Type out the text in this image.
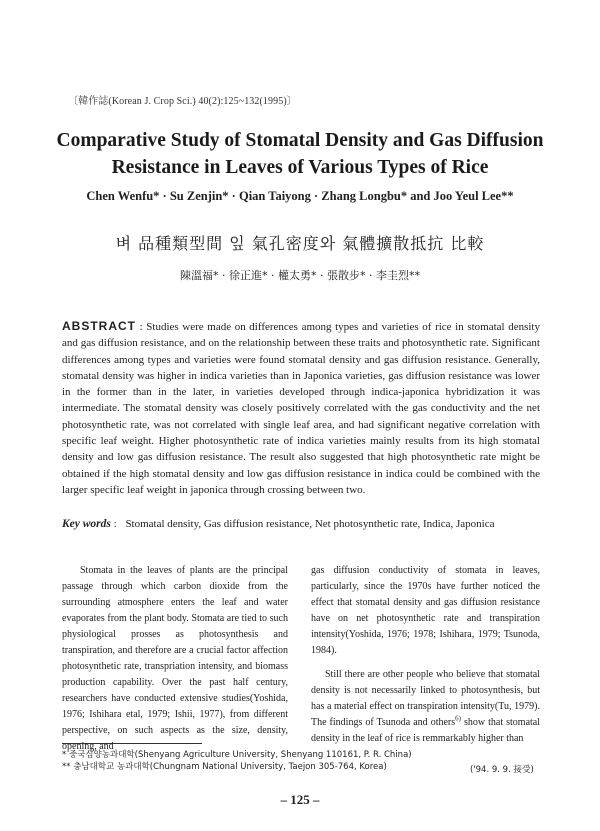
〔韓作誌(Korean J. Crop Sci.) 40(2):125~132(1995)〕
Comparative Study of Stomatal Density and Gas Diffusion
Resistance in Leaves of Various Types of Rice
Chen Wenfu* · Su Zenjin* · Qian Taiyong · Zhang Longbu* and Joo Yeul Lee**
벼 品種類型間 잎 氣孔密度와 氣體擴散抵抗 比較
陳溫福* · 徐正進* · 權太勇* · 張散步* · 李圭烈**
ABSTRACT : Studies were made on differences among types and varieties of rice in stomatal density and gas diffusion resistance, and on the relationship between these traits and photosynthetic rate. Significant differences among types and varieties were found stomatal density and gas diffusion resistance. Generally, stomatal density was higher in indica varieties than in Japonica varieties, gas diffusion resistance was lower in the former than in the later, in varieties developed through indica-japonica hybridization it was intermediate. The stomatal density was closely positively correlated with the gas conductivity and the net photosynthetic rate, was not correlated with single leaf area, and had significant negative correlation with specific leaf weight. Higher photosynthetic rate of indica varieties mainly results from its high stomatal density and low gas diffusion resistance. The result also suggested that high photosynthetic rate might be obtained if the high stomatal density and low gas diffusion resistance in indica could be combined with the larger specific leaf weight in japonica through crossing between two.
Key words : Stomatal density, Gas diffusion resistance, Net photosynthetic rate, Indica, Japonica
Stomata in the leaves of plants are the principal passage through which carbon dioxide from the surrounding atmosphere enters the leaf and water evaporates from the plant body. Stomata are tied to such physiological prosses as photosynthesis and transpiration, and therefore are a crucial factor affection photosynthetic rate, transpriation intensity, and biomass production capability. Over the past half century, researchers have conducted extensive studies(Yoshida, 1976; Ishihara etal, 1979; Ishii, 1977), from different perspective, on such aspects as the size, density, opening, and

gas diffusion conductivity of stomata in leaves, particularly, since the 1970s have further noticed the effect that stomatal density and gas diffusion resistance have on net photosynthetic rate and transpiration intensity(Yoshida, 1976; 1978; Ishihara, 1979; Tsunoda, 1984).

Still there are other people who believe that stomatal density is not necessarily linked to photosynthesis, but has a material effect on transpiration intensity(Tu, 1979). The findings of Tsunoda and others$^{6)}$ show that stomatal density in the leaf of rice is remmarkably higher than

* 중국심양농과대학(Shenyang Agriculture University, Shenyang 110161, P. R. China)
** 충남대학교 농과대학(Chungnam National University, Taejon 305-764, Korea)	('94. 9. 9. 接受)
– 125 –
